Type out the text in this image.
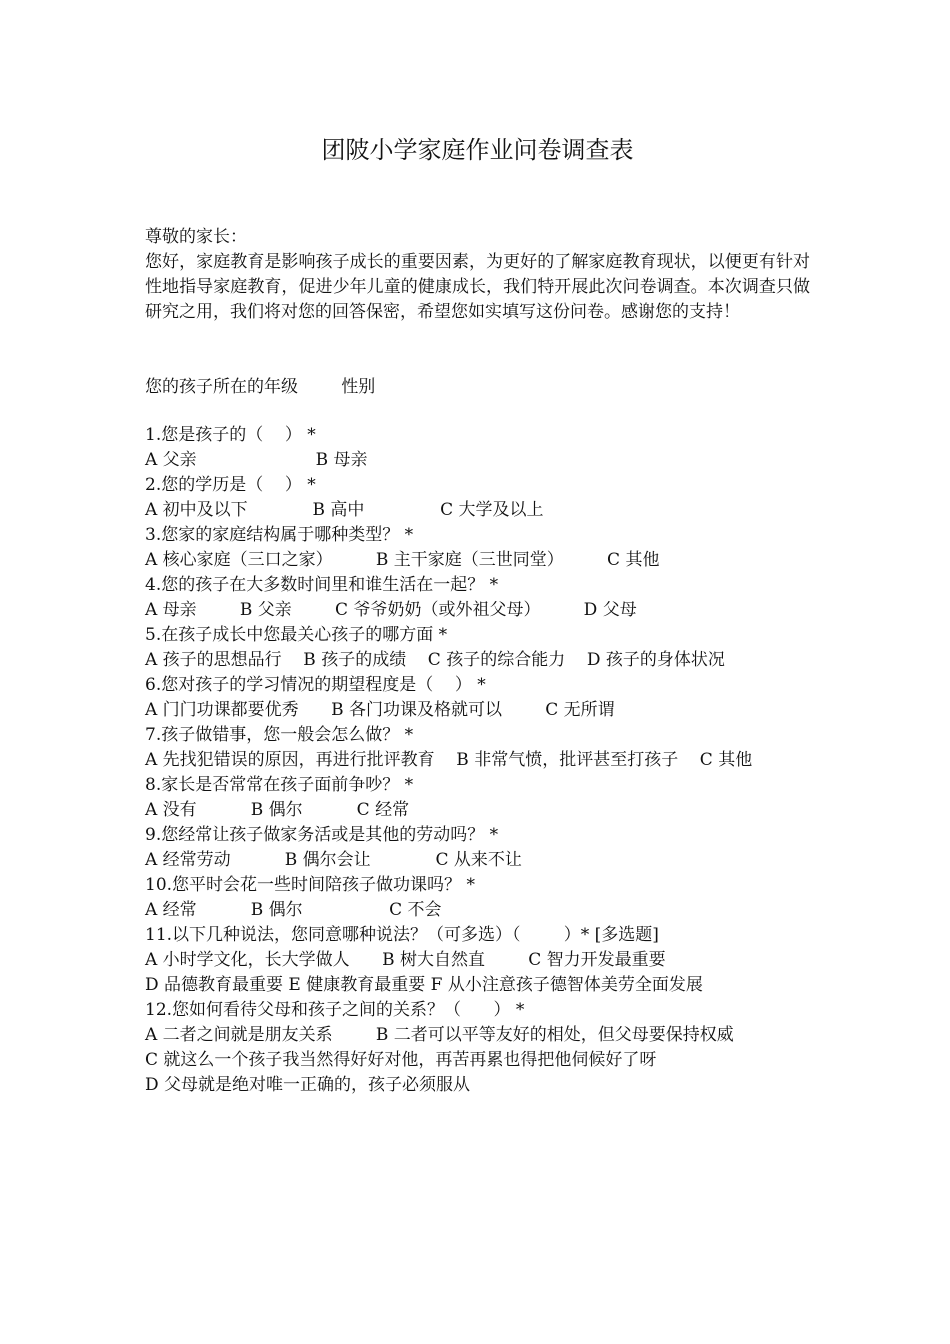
团陂小学家庭作业问卷调查表

尊敬的家长：

您好，家庭教育是影响孩子成长的重要因素，为更好的了解家庭教育现状，以便更有针对性地指导家庭教育，促进少年儿童的健康成长，我们特开展此次问卷调查。本次调查只做研究之用，我们将对您的回答保密，希望您如实填写这份问卷。感谢您的支持！

您的孩子所在的年级        性别
1.您是孩子的（    ） *
A 父亲                      B 母亲
2.您的学历是（    ） *
A 初中及以下            B 高中              C 大学及以上
3.您家的家庭结构属于哪种类型？ *
A 核心家庭（三口之家）        B 主干家庭（三世同堂）        C 其他
4.您的孩子在大多数时间里和谁生活在一起？ *
A 母亲        B 父亲        C 爷爷奶奶（或外祖父母）        D 父母
5.在孩子成长中您最关心孩子的哪方面 *
A 孩子的思想品行    B 孩子的成绩    C 孩子的综合能力    D 孩子的身体状况
6.您对孩子的学习情况的期望程度是（    ） *
A 门门功课都要优秀      B 各门功课及格就可以        C 无所谓
7.孩子做错事，您一般会怎么做？ *
A 先找犯错误的原因，再进行批评教育    B 非常气愤，批评甚至打孩子    C 其他
8.家长是否常常在孩子面前争吵？ *
A 没有          B 偶尔          C 经常
9.您经常让孩子做家务活或是其他的劳动吗？ *
A 经常劳动          B 偶尔会让            C 从来不让
10.您平时会花一些时间陪孩子做功课吗？ *
A 经常          B 偶尔                C 不会
11.以下几种说法，您同意哪种说法？（可多选）（        ）* [多选题]
A 小时学文化，长大学做人      B 树大自然直        C 智力开发最重要
D 品德教育最重要 E 健康教育最重要 F 从小注意孩子德智体美劳全面发展
12.您如何看待父母和孩子之间的关系？（      ） *
A 二者之间就是朋友关系        B 二者可以平等友好的相处，但父母要保持权威
C 就这么一个孩子我当然得好好对他，再苦再累也得把他伺候好了呀
D 父母就是绝对唯一正确的，孩子必须服从
